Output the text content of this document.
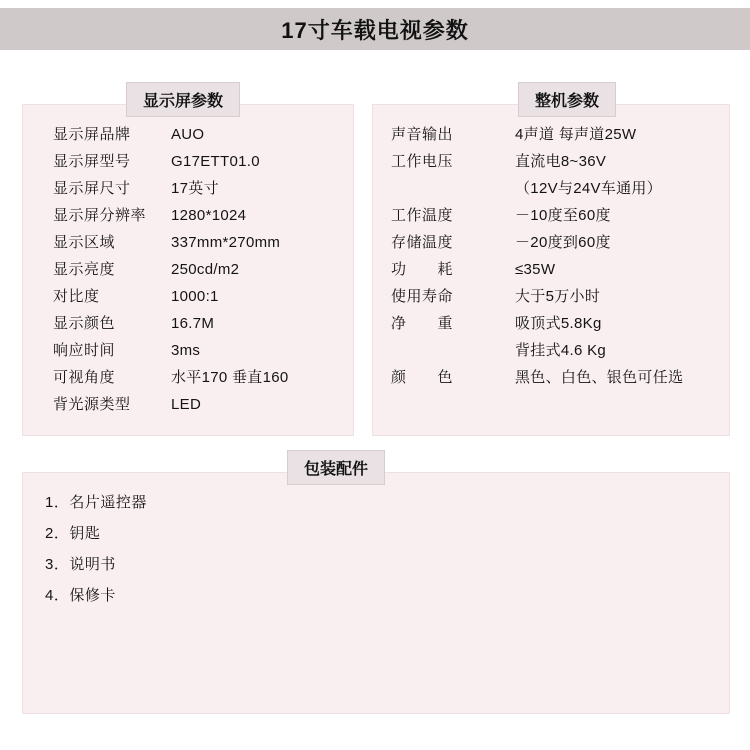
17寸车载电视参数
显示屏参数
显示屏品牌	AUO
显示屏型号	G17ETT01.0
显示屏尺寸	17英寸
显示屏分辨率	1280*1024
显示区域	337mm*270mm
显示亮度	250cd/m2
对比度	1000:1
显示颜色	16.7M
响应时间	3ms
可视角度	水平170 垂直160
背光源类型	LED
整机参数
声音输出	4声道 每声道25W
工作电压	直流电8~36V
（12V与24V车通用）
工作温度	－10度至60度
存储温度	－20度到60度
功　　耗	≤35W
使用寿命	大于5万小时
净　　重	吸顶式5.8Kg
背挂式4.6 Kg
颜　　色	黑色、白色、银色可任选
包装配件
1．名片遥控器
2．钥匙
3．说明书
4．保修卡
